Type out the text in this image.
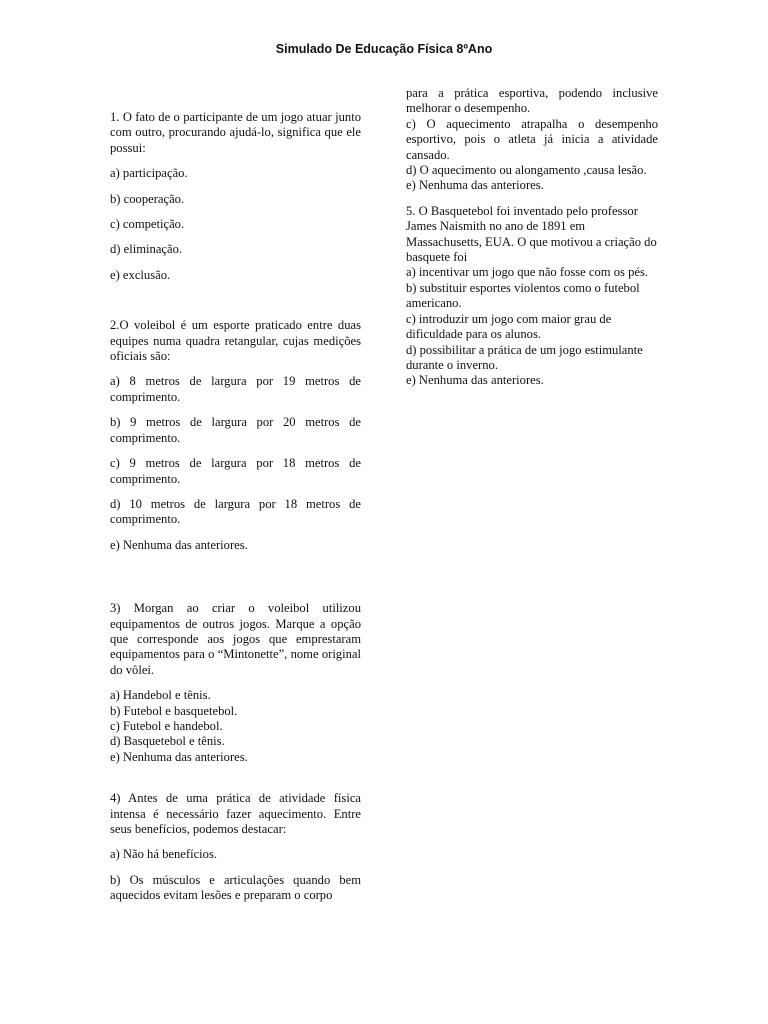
Simulado De Educação Física 8ºAno

1. O fato de o participante de um jogo atuar junto com outro, procurando ajudá-lo, significa que ele possui:

a) participação.

b) cooperação.

c) competição.

d) eliminação.

e) exclusão.

2.O voleibol é um esporte praticado entre duas equipes numa quadra retangular, cujas medições oficiais são:

a) 8 metros de largura por 19 metros de comprimento.

b) 9 metros de largura por 20 metros de comprimento.

c) 9 metros de largura por 18 metros de comprimento.

d) 10 metros de largura por 18 metros de comprimento.

e) Nenhuma das anteriores.

3) Morgan ao criar o voleibol utilizou equipamentos de outros jogos. Marque a opção que corresponde aos jogos que emprestaram equipamentos para o “Mintonette”, nome original do vôlei.

a) Handebol e tênis.

b) Futebol e basquetebol.

c) Futebol e handebol.

d) Basquetebol e tênis.

e) Nenhuma das anteriores.

4) Antes de uma prática de atividade física intensa é necessário fazer aquecimento. Entre seus benefícios, podemos destacar:

a) Não há benefícios.

b) Os músculos e articulações quando bem aquecidos evitam lesões e preparam o corpo

para a prática esportiva, podendo inclusive melhorar o desempenho.

c) O aquecimento atrapalha o desempenho esportivo, pois o atleta já inicia a atividade cansado.

d) O aquecimento ou alongamento ,causa lesão.

e) Nenhuma das anteriores.

5. O Basquetebol foi inventado pelo professor James Naismith no ano de 1891 em Massachusetts, EUA. O que motivou a criação do basquete foi

a) incentivar um jogo que não fosse com os pés.

b) substituir esportes violentos como o futebol americano.

c) introduzir um jogo com maior grau de dificuldade para os alunos.

d) possibilitar a prática de um jogo estimulante durante o inverno.

e) Nenhuma das anteriores.
